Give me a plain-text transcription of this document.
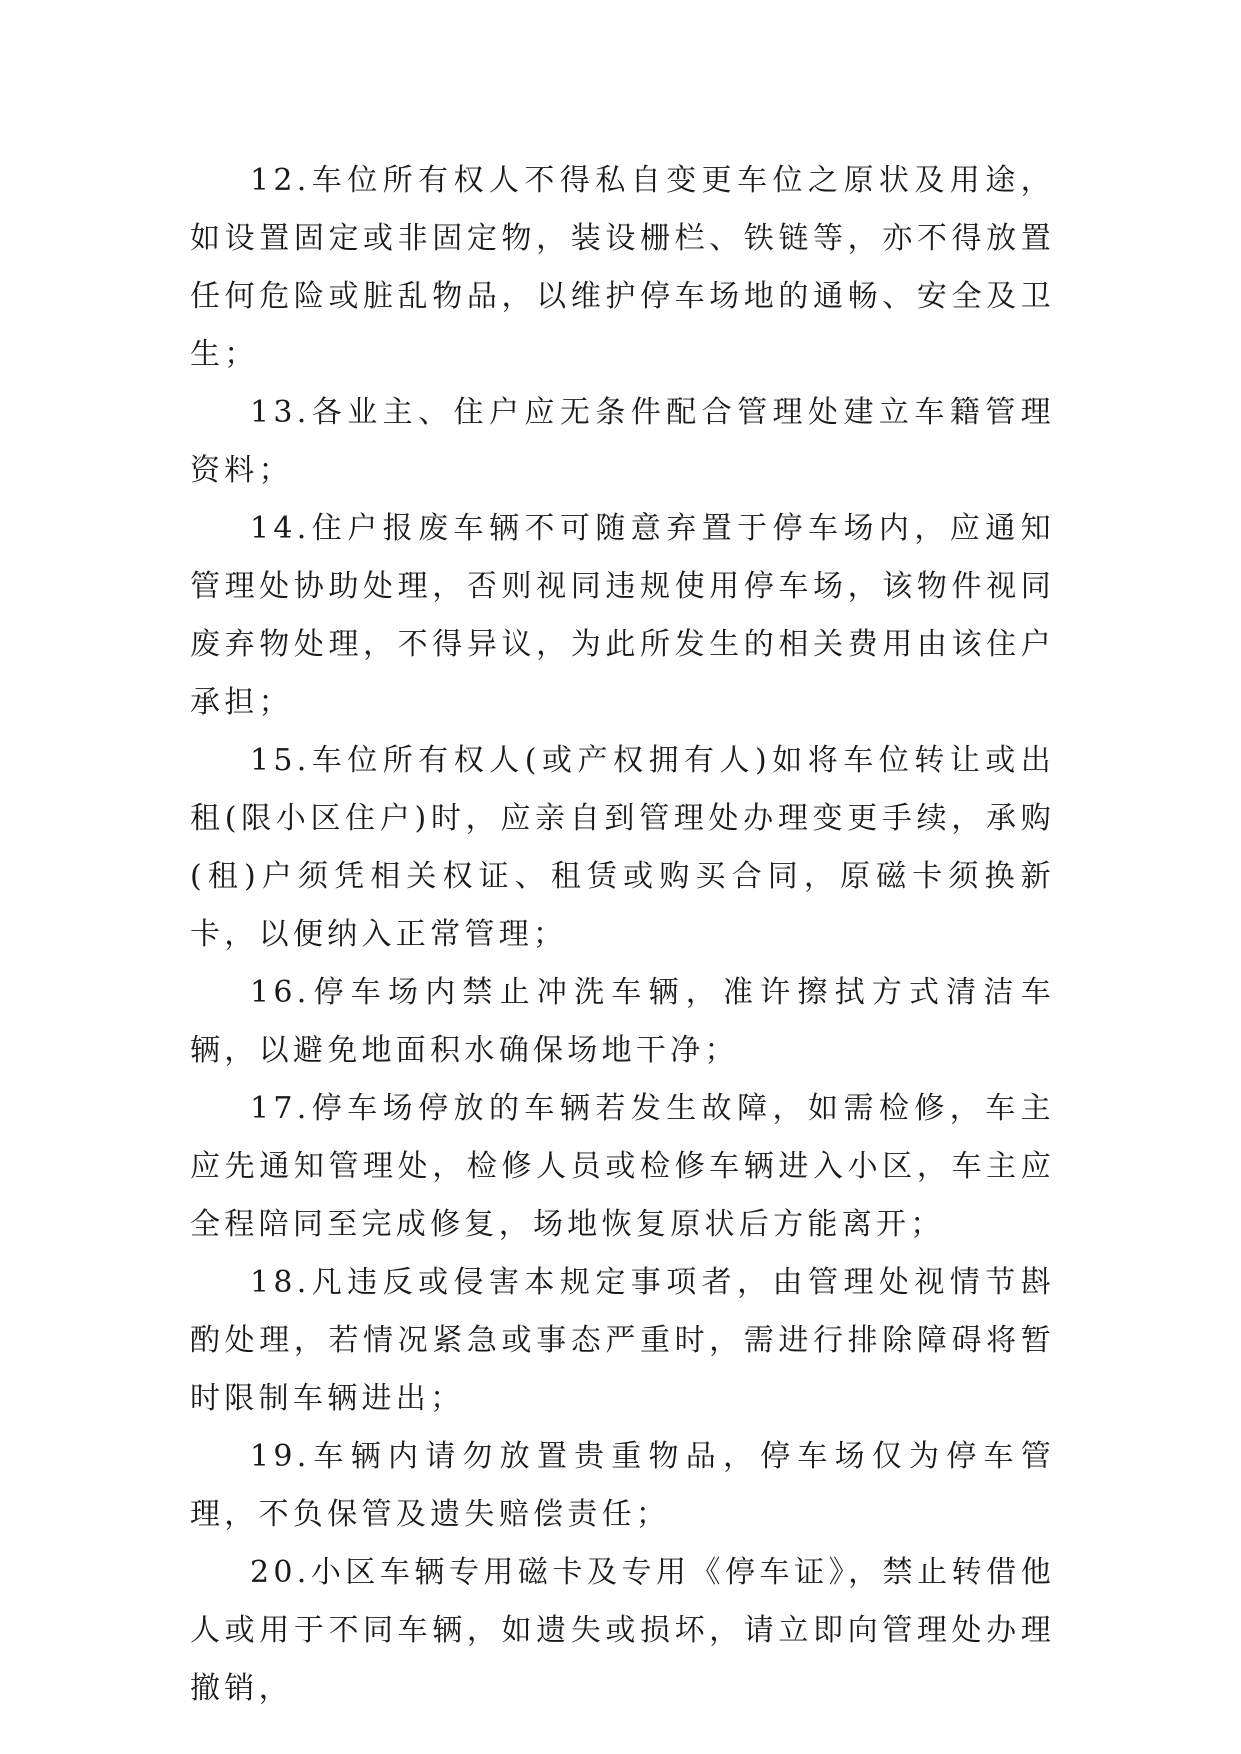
12.车位所有权人不得私自变更车位之原状及用途，如设置固定或非固定物，装设栅栏、铁链等，亦不得放置任何危险或脏乱物品，以维护停车场地的通畅、安全及卫生；

13.各业主、住户应无条件配合管理处建立车籍管理资料；

14.住户报废车辆不可随意弃置于停车场内，应通知管理处协助处理，否则视同违规使用停车场，该物件视同废弃物处理，不得异议，为此所发生的相关费用由该住户承担；

15.车位所有权人(或产权拥有人)如将车位转让或出租(限小区住户)时，应亲自到管理处办理变更手续，承购(租)户须凭相关权证、租赁或购买合同，原磁卡须换新卡，以便纳入正常管理；

16.停车场内禁止冲洗车辆，准许擦拭方式清洁车辆，以避免地面积水确保场地干净；

17.停车场停放的车辆若发生故障，如需检修，车主应先通知管理处，检修人员或检修车辆进入小区，车主应全程陪同至完成修复，场地恢复原状后方能离开；

18.凡违反或侵害本规定事项者，由管理处视情节斟酌处理，若情况紧急或事态严重时，需进行排除障碍将暂时限制车辆进出；

19.车辆内请勿放置贵重物品，停车场仅为停车管理，不负保管及遗失赔偿责任；

20.小区车辆专用磁卡及专用《停车证》，禁止转借他人或用于不同车辆，如遗失或损坏，请立即向管理处办理撤销，
